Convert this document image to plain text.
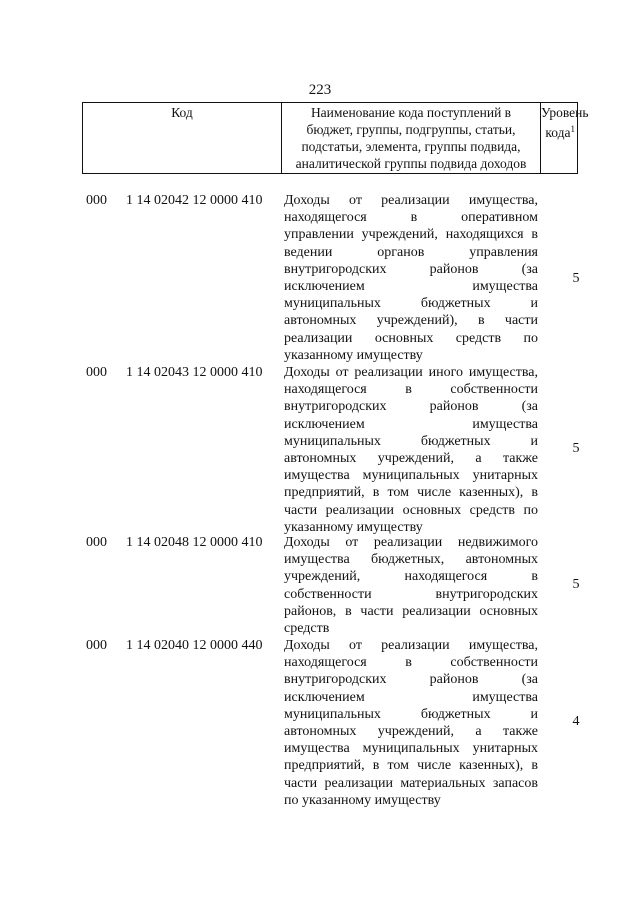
223
Код	Наименование кода поступлений в
бюджет, группы, подгруппы, статьи,
подстатьи, элемента, группы подвида,
аналитической группы подвида доходов
Уровень
кода$^1$
000 1 14 02042 12 0000 410 Доходы от реализации имущества,
находящегося в оперативном
управлении учреждений, находящихся в
ведении органов управления
внутригородских районов (за
исключением имущества
муниципальных бюджетных и
автономных учреждений), в части
реализации основных средств по
указанному имуществу
5
000 1 14 02043 12 0000 410 Доходы от реализации иного имущества,
находящегося в собственности
внутригородских районов (за
исключением имущества
муниципальных бюджетных и
автономных учреждений, а также
имущества муниципальных унитарных
предприятий, в том числе казенных), в
части реализации основных средств по
указанному имуществу
5
000 1 14 02048 12 0000 410 Доходы от реализации недвижимого
имущества бюджетных, автономных
учреждений, находящегося в
собственности внутригородских
районов, в части реализации основных
средств
5
000 1 14 02040 12 0000 440 Доходы от реализации имущества,
находящегося в собственности
внутригородских районов (за
исключением имущества
муниципальных бюджетных и
автономных учреждений, а также
имущества муниципальных унитарных
предприятий, в том числе казенных), в
части реализации материальных запасов
по указанному имуществу
4
